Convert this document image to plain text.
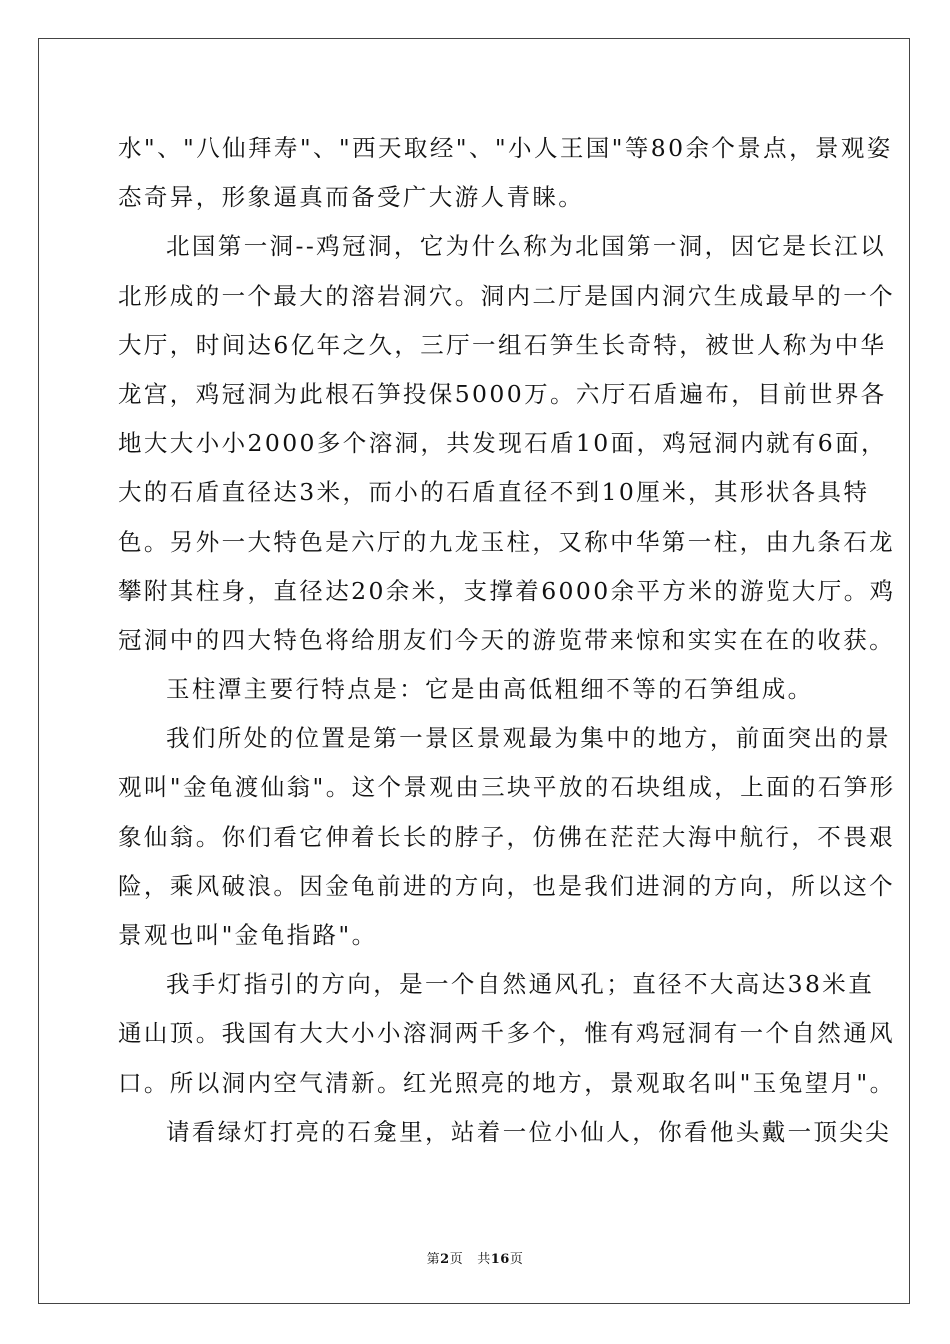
水"、"八仙拜寿"、"西天取经"、"小人王国"等80余个景点，景观姿
态奇异，形象逼真而备受广大游人青睐。
北国第一洞--鸡冠洞，它为什么称为北国第一洞，因它是长江以
北形成的一个最大的溶岩洞穴。洞内二厅是国内洞穴生成最早的一个
大厅，时间达6亿年之久，三厅一组石笋生长奇特，被世人称为中华
龙宫，鸡冠洞为此根石笋投保5000万。六厅石盾遍布，目前世界各
地大大小小2000多个溶洞，共发现石盾10面，鸡冠洞内就有6面，
大的石盾直径达3米，而小的石盾直径不到10厘米，其形状各具特
色。另外一大特色是六厅的九龙玉柱，又称中华第一柱，由九条石龙
攀附其柱身，直径达20余米，支撑着6000余平方米的游览大厅。鸡
冠洞中的四大特色将给朋友们今天的游览带来惊和实实在在的收获。
玉柱潭主要行特点是：它是由高低粗细不等的石笋组成。
我们所处的位置是第一景区景观最为集中的地方，前面突出的景
观叫"金龟渡仙翁"。这个景观由三块平放的石块组成，上面的石笋形
象仙翁。你们看它伸着长长的脖子，仿佛在茫茫大海中航行，不畏艰
险，乘风破浪。因金龟前进的方向，也是我们进洞的方向，所以这个
景观也叫"金龟指路"。
我手灯指引的方向，是一个自然通风孔；直径不大高达38米直
通山顶。我国有大大小小溶洞两千多个，惟有鸡冠洞有一个自然通风
口。所以洞内空气清新。红光照亮的地方，景观取名叫"玉兔望月"。
请看绿灯打亮的石龛里，站着一位小仙人，你看他头戴一顶尖尖
第2页 共16页
